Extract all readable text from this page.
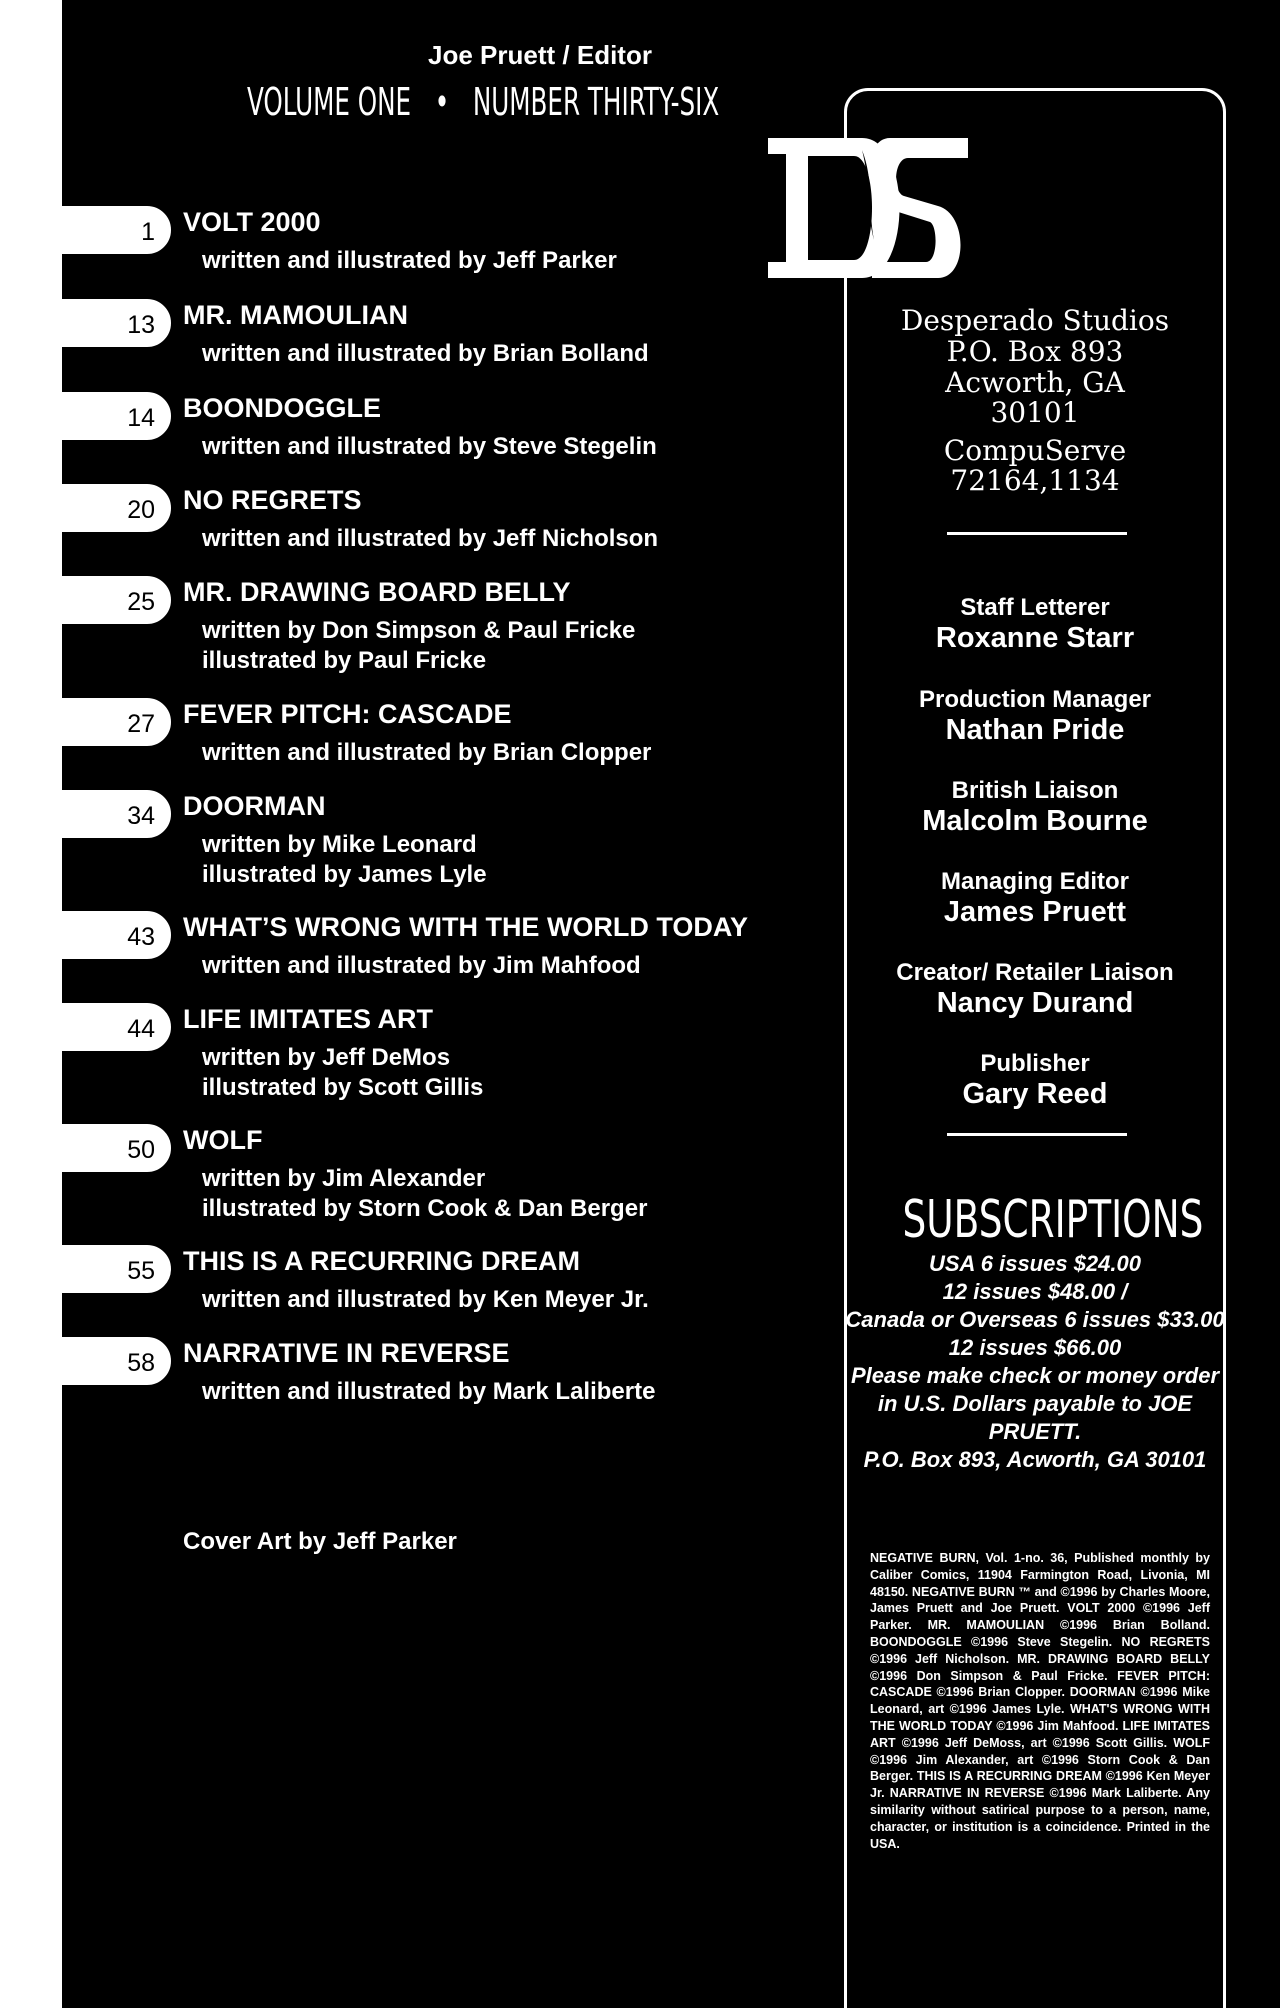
Joe Pruett / Editor
VOLUME ONE • NUMBER THIRTY-SIX
1 VOLT 2000
written and illustrated by Jeff Parker
13 MR. MAMOULIAN
written and illustrated by Brian Bolland
14 BOONDOGGLE
written and illustrated by Steve Stegelin
20 NO REGRETS
written and illustrated by Jeff Nicholson
25 MR. DRAWING BOARD BELLY
written by Don Simpson & Paul Fricke
illustrated by Paul Fricke
27 FEVER PITCH: CASCADE
written and illustrated by Brian Clopper
34 DOORMAN
written by Mike Leonard
illustrated by James Lyle
43 WHAT’S WRONG WITH THE WORLD TODAY
written and illustrated by Jim Mahfood
44 LIFE IMITATES ART
written by Jeff DeMos
illustrated by Scott Gillis
50 WOLF
written by Jim Alexander
illustrated by Storn Cook & Dan Berger
55 THIS IS A RECURRING DREAM
written and illustrated by Ken Meyer Jr.
58 NARRATIVE IN REVERSE
written and illustrated by Mark Laliberte
Cover Art by Jeff Parker
Desperado Studios
P.O. Box 893
Acworth, GA
30101
CompuServe
72164,1134
Staff Letterer
Roxanne Starr
Production Manager
Nathan Pride
British Liaison
Malcolm Bourne
Managing Editor
James Pruett
Creator/ Retailer Liaison
Nancy Durand
Publisher
Gary Reed
SUBSCRIPTIONS
USA 6 issues $24.00
12 issues $48.00 /
Canada or Overseas 6 issues $33.00
12 issues $66.00
Please make check or money order
in U.S. Dollars payable to JOE PRUETT.
P.O. Box 893, Acworth, GA 30101
NEGATIVE BURN, Vol. 1-no. 36, Published monthly by Caliber Comics, 11904 Farmington Road, Livonia, MI 48150. NEGATIVE BURN ™ and ©1996 by Charles Moore, James Pruett and Joe Pruett. VOLT 2000 ©1996 Jeff Parker. MR. MAMOULIAN ©1996 Brian Bolland. BOONDOGGLE ©1996 Steve Stegelin. NO REGRETS ©1996 Jeff Nicholson. MR. DRAWING BOARD BELLY ©1996 Don Simpson & Paul Fricke. FEVER PITCH: CASCADE ©1996 Brian Clopper. DOORMAN ©1996 Mike Leonard, art ©1996 James Lyle. WHAT'S WRONG WITH THE WORLD TODAY ©1996 Jim Mahfood. LIFE IMITATES ART ©1996 Jeff DeMoss, art ©1996 Scott Gillis. WOLF ©1996 Jim Alexander, art ©1996 Storn Cook & Dan Berger. THIS IS A RECURRING DREAM ©1996 Ken Meyer Jr. NARRATIVE IN REVERSE ©1996 Mark Laliberte. Any similarity without satirical purpose to a person, name, character, or institution is a coincidence. Printed in the USA.
